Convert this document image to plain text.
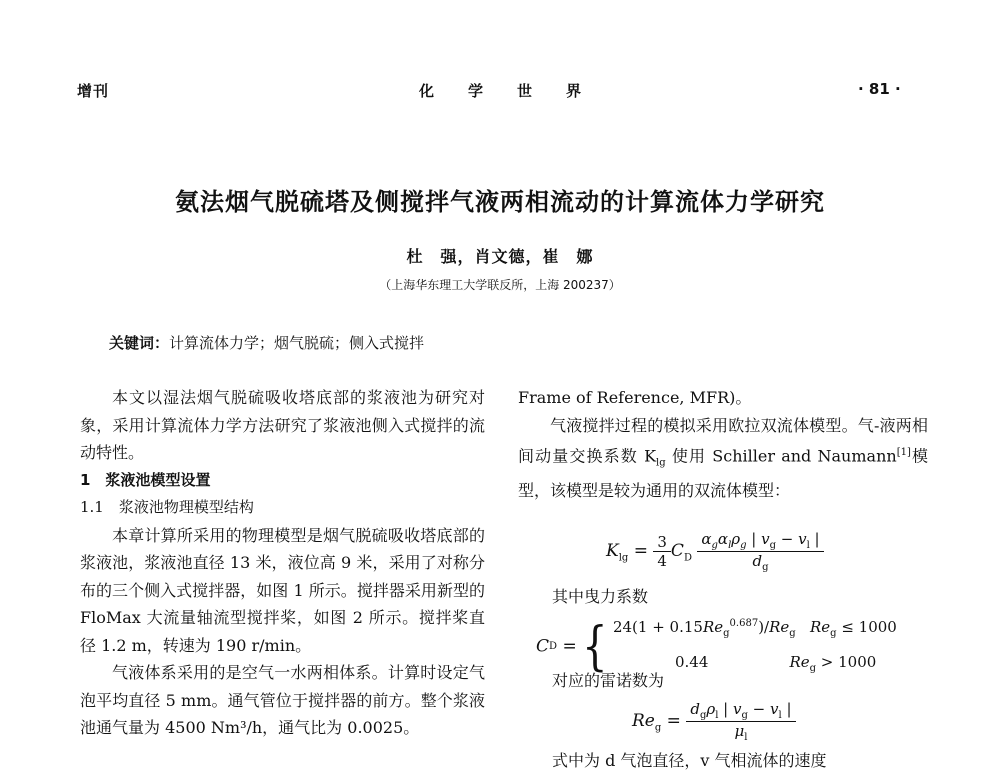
增刊	化学世界	· 81 ·
氨法烟气脱硫塔及侧搅拌气液两相流动的计算流体力学研究
杜　强，肖文德，崔　娜
（上海华东理工大学联反所，上海 200237）
关键词：计算流体力学；烟气脱硫；侧入式搅拌

本文以湿法烟气脱硫吸收塔底部的浆液池为研究对象，采用计算流体力学方法研究了浆液池侧入式搅拌的流动特性。

1　浆液池模型设置

1.1　浆液池物理模型结构

本章计算所采用的物理模型是烟气脱硫吸收塔底部的浆液池，浆液池直径 13 米，液位高 9 米，采用了对称分布的三个侧入式搅拌器，如图 1 所示。搅拌器采用新型的 FloMax 大流量轴流型搅拌桨，如图 2 所示。搅拌桨直径 1.2 m，转速为 190 r/min。

气液体系采用的是空气一水两相体系。计算时设定气泡平均直径 5 mm。通气管位于搅拌器的前方。整个浆液池通气量为 4500 Nm³/h，通气比为 0.0025。

Frame of Reference, MFR)。

气液搅拌过程的模拟采用欧拉双流体模型。气-液两相间动量交换系数 $K_{lg}$ 使用 Schiller and Naumann[1]模型，该模型是较为通用的双流体模型：

$K_{lg} = \frac{3}{4} C_D \frac{\alpha_g\alpha_l\rho_g | v_g - v_l |}{d_g}$
其中曳力系数
CD = { $24(1 + 0.15Re_g^{0.687})/Re_g$ $Re_g \le 1000$
0.44	$Re_g > 1000$
对应的雷诺数为
$Re_g = \frac{d_g\rho_l | v_g - v_l |}{\mu_l}$
式中为 d 气泡直径，v 气相流体的速度
